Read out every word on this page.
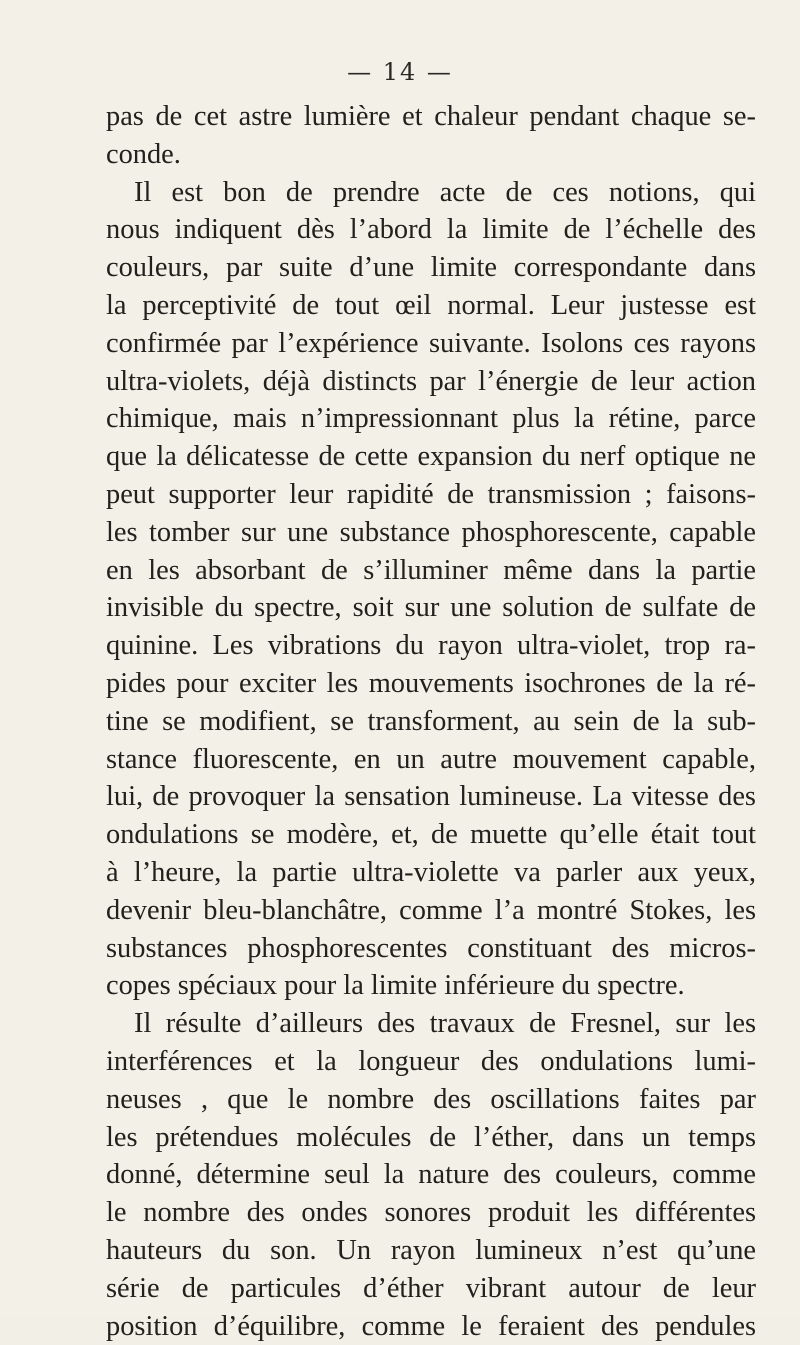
— 14 —
pas de cet astre lumière et chaleur pendant chaque se-
conde.
Il est bon de prendre acte de ces notions, qui
nous indiquent dès l’abord la limite de l’échelle des
couleurs, par suite d’une limite correspondante dans
la perceptivité de tout œil normal. Leur justesse est
confirmée par l’expérience suivante. Isolons ces rayons
ultra-violets, déjà distincts par l’énergie de leur action
chimique, mais n’impressionnant plus la rétine, parce
que la délicatesse de cette expansion du nerf optique ne
peut supporter leur rapidité de transmission ; faisons-
les tomber sur une substance phosphorescente, capable
en les absorbant de s’illuminer même dans la partie
invisible du spectre, soit sur une solution de sulfate de
quinine. Les vibrations du rayon ultra-violet, trop ra-
pides pour exciter les mouvements isochrones de la ré-
tine se modifient, se transforment, au sein de la sub-
stance fluorescente, en un autre mouvement capable,
lui, de provoquer la sensation lumineuse. La vitesse des
ondulations se modère, et, de muette qu’elle était tout
à l’heure, la partie ultra-violette va parler aux yeux,
devenir bleu-blanchâtre, comme l’a montré Stokes, les
substances phosphorescentes constituant des micros-
copes spéciaux pour la limite inférieure du spectre.
Il résulte d’ailleurs des travaux de Fresnel, sur les
interférences et la longueur des ondulations lumi-
neuses , que le nombre des oscillations faites par
les prétendues molécules de l’éther, dans un temps
donné, détermine seul la nature des couleurs, comme
le nombre des ondes sonores produit les différentes
hauteurs du son. Un rayon lumineux n’est qu’une
série de particules d’éther vibrant autour de leur
position d’équilibre, comme le feraient des pendules
